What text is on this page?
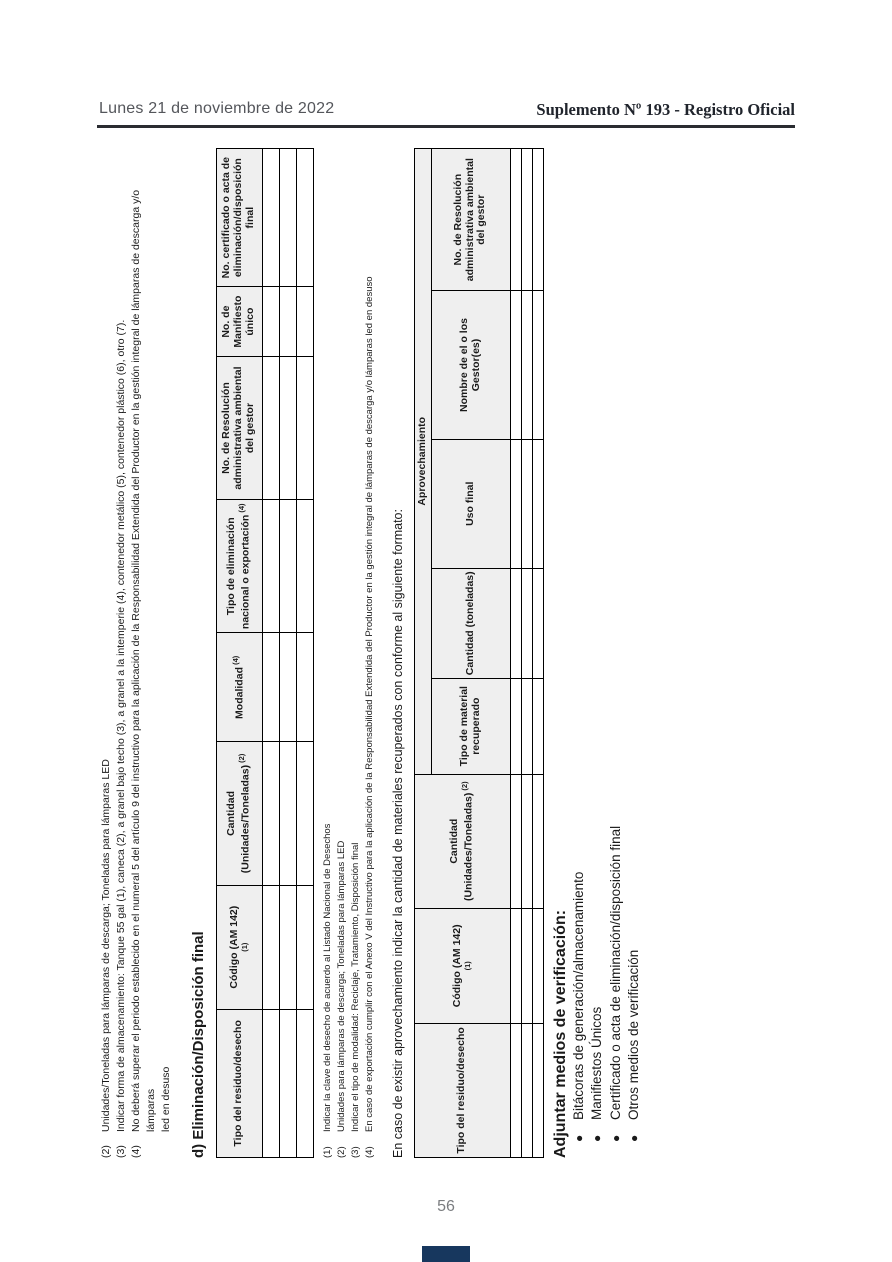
Lunes 21 de noviembre de 2022	Suplemento Nº 193 - Registro Oficial
(2)
Unidades/Toneladas para lámparas de descarga; Toneladas para lámparas LED
(3)
Indicar forma de almacenamiento: Tanque 55 gal (1), caneca (2), a granel bajo techo (3), a granel a la intemperie (4), contenedor metálico (5), contenedor plástico (6), otro (7).
(4)
No deberá superar el periodo establecido en el numeral 5 del artículo 9 del instructivo para la aplicación de la Responsabilidad Extendida del Productor en la gestión integral de lámparas de descarga y/o lámparas led en desuso d) Eliminación/Disposición final Tipo del residuo/desecho	Código (AM 142) (1)	Cantidad (Unidades/Toneladas) $^{(2)}$	Modalidad $^{(4)}$	Tipo de eliminación nacional o exportación $^{(4)}$	No. de Resolución administrativa ambiental del gestor	No. de Manifiesto único	No. certificado o acta de eliminación/disposición final

(1)
Indicar la clave del desecho de acuerdo al Listado Nacional de Desechos
(2)
Unidades para lámparas de descarga; Toneladas para lámparas LED
(3)
Indicar el tipo de modalidad: Reciclaje, Tratamiento, Disposición final
(4)
En caso de exportación cumplir con el Anexo V del Instructivo para la aplicación de la Responsabilidad Extendida del Productor en la gestión integral de lámparas de descarga y/o lámparas led en desuso En caso de existir aprovechamiento indicar la cantidad de materiales recuperados con conforme al siguiente formato:	Tipo del residuo/desecho	Código (AM 142) (1)	Cantidad (Unidades/Toneladas) $^{(2)}$	Aprovechamiento				
			Tipo de material recuperado	Cantidad (toneladas)	Uso final	Nombre de el o los Gestor(es)	No. de Resolución administrativa ambiental del gestor

Adjuntar medios de verificación: ●
Bitácoras de generación/almacenamiento
●
Manifiestos Únicos
●
Certificado o acta de eliminación/disposición final
●
Otros medios de verificación
56
